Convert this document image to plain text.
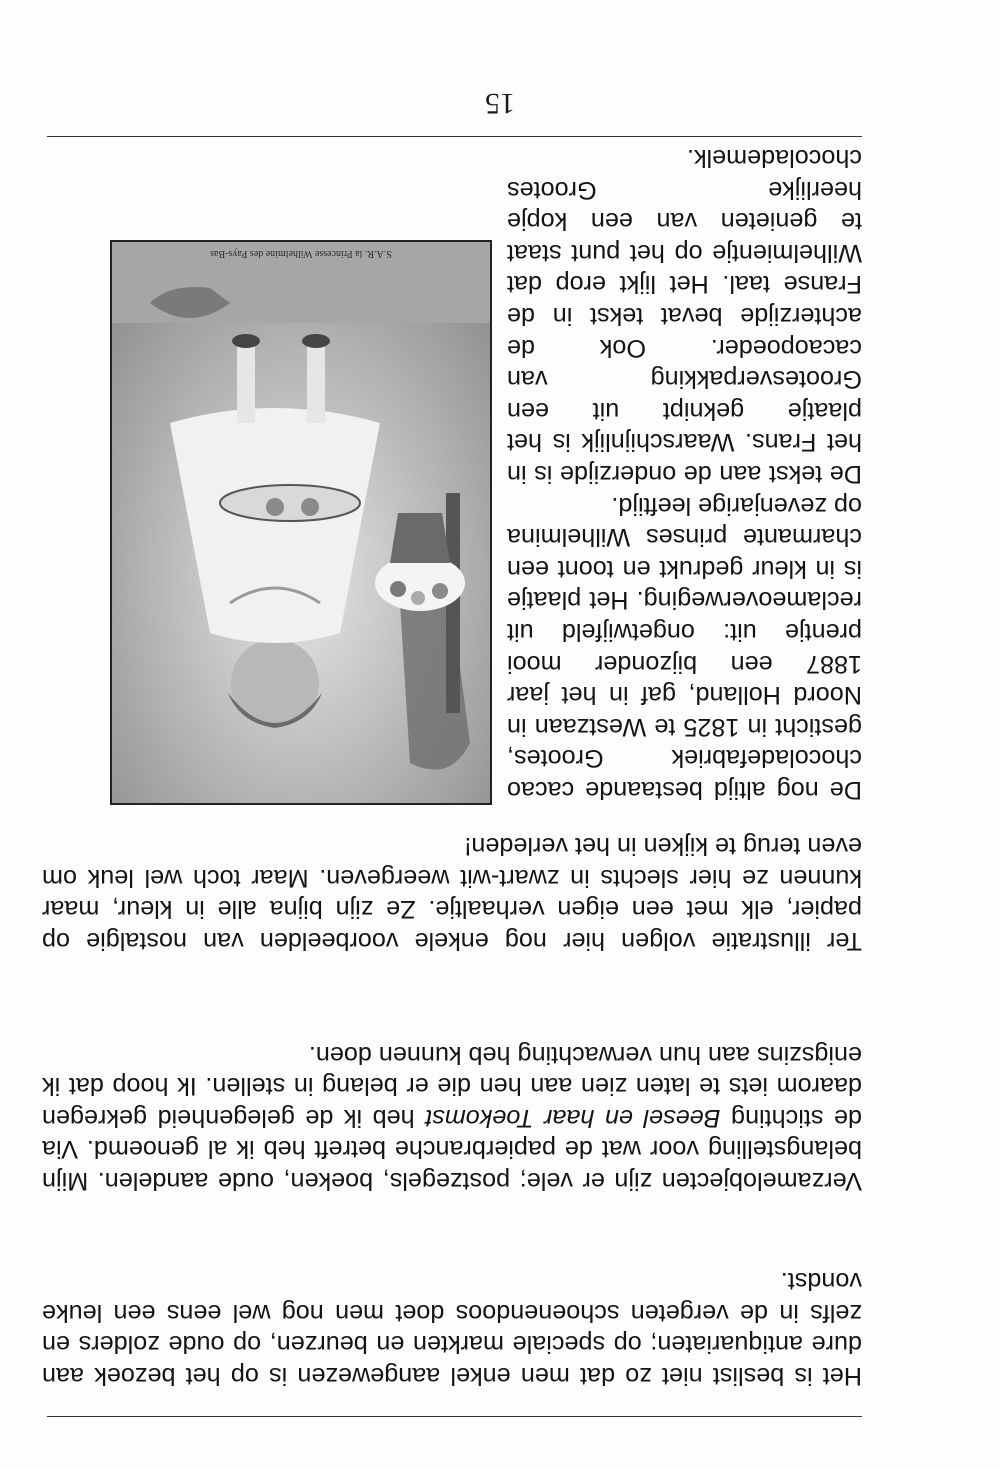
Het is beslist niet zo dat men enkel aangewezen is op het bezoek aan dure antiquariaten; op speciale markten en beurzen, op oude zolders en zelfs in de vergeten schoenendoos doet men nog wel eens een leuke vondst.

Verzamelobjecten zijn er vele; postzegels, boeken, oude aandelen. Mijn belangstelling voor wat de papierbranche betreft heb ik al genoemd. Via de stichting Beesel en haar Toekomst heb ik de gelegenheid gekregen daarom iets te laten zien aan hen die er belang in stellen. Ik hoop dat ik enigszins aan hun verwachting heb kunnen doen.

Ter illustratie volgen hier nog enkele voorbeelden van nostalgie op papier, elk met een eigen verhaaltje. Ze zijn bijna alle in kleur, maar kunnen ze hier slechts in zwart-wit weergeven. Maar toch wel leuk om even terug te kijken in het verleden!

De nog altijd bestaande cacao chocoladefabriek Grootes, gesticht in 1825 te Westzaan in Noord Holland, gaf in het jaar 1887 een bijzonder mooi prentje uit: ongetwijfeld uit reclameoverweging. Het plaatje is in kleur gedrukt en toont een charmante prinses Wilhelmina op zevenjarige leeftijd.

De tekst aan de onderzijde is in het Frans. Waarschijnlijk is het plaatje geknipt uit een Grootesverpakking van cacaopoeder. Ook de achterzijde bevat tekst in de Franse taal. Het lijkt erop dat Wilhelmientje op het punt staat te genieten van een kopje heerlijke Grootes chocolademelk.

S.A.R. la Princesse Wilhelmine des Pays-Bas
15
